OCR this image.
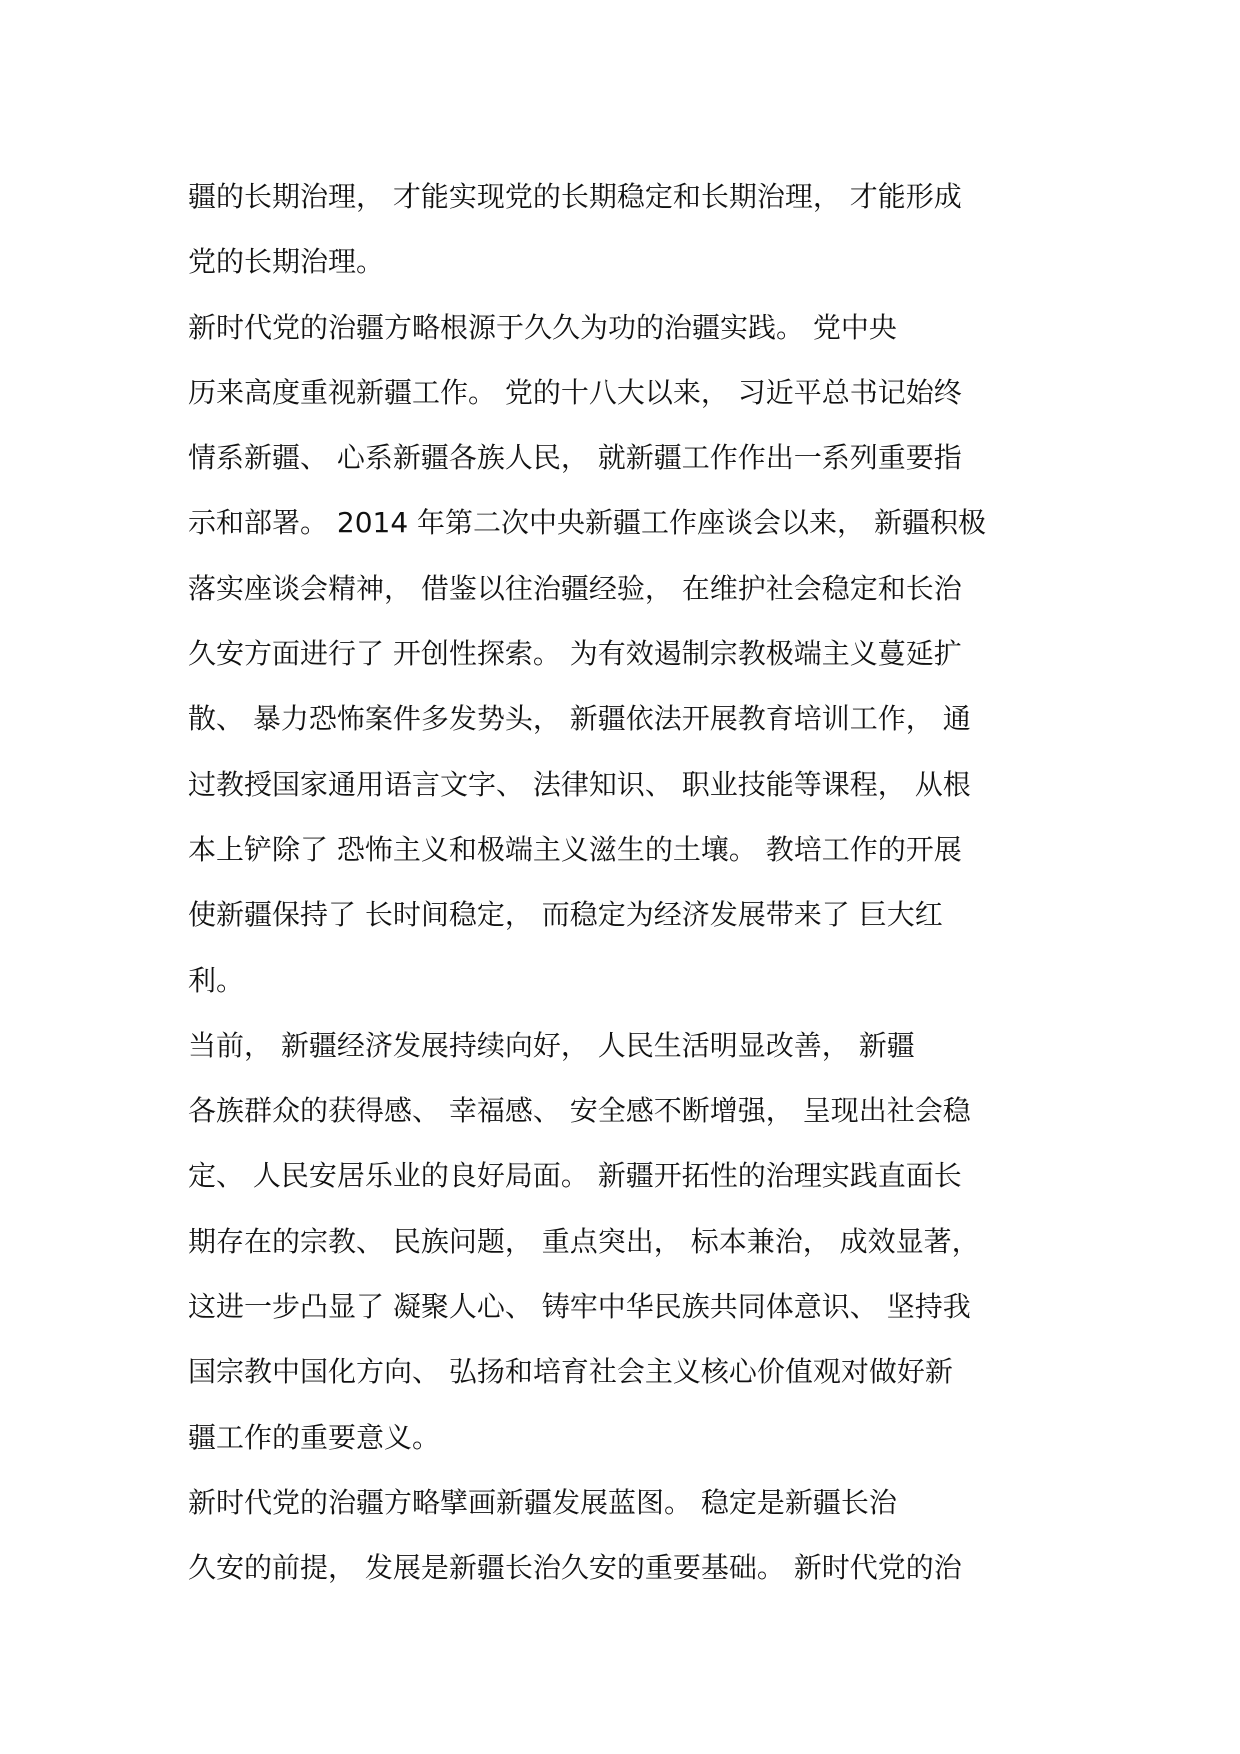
疆的长期治理， 才能实现党的长期稳定和长期治理， 才能形成
党的长期治理。
新时代党的治疆方略根源于久久为功的治疆实践。 党中央
历来高度重视新疆工作。 党的十八大以来， 习近平总书记始终
情系新疆、 心系新疆各族人民， 就新疆工作作出一系列重要指
示和部署。 2014 年第二次中央新疆工作座谈会以来， 新疆积极
落实座谈会精神， 借鉴以往治疆经验， 在维护社会稳定和长治
久安方面进行了 开创性探索。 为有效遏制宗教极端主义蔓延扩
散、 暴力恐怖案件多发势头， 新疆依法开展教育培训工作， 通
过教授国家通用语言文字、 法律知识、 职业技能等课程， 从根
本上铲除了 恐怖主义和极端主义滋生的土壤。 教培工作的开展
使新疆保持了 长时间稳定， 而稳定为经济发展带来了 巨大红
利。
当前， 新疆经济发展持续向好， 人民生活明显改善， 新疆
各族群众的获得感、 幸福感、 安全感不断增强， 呈现出社会稳
定、 人民安居乐业的良好局面。 新疆开拓性的治理实践直面长
期存在的宗教、 民族问题， 重点突出， 标本兼治， 成效显著，
这进一步凸显了 凝聚人心、 铸牢中华民族共同体意识、 坚持我
国宗教中国化方向、 弘扬和培育社会主义核心价值观对做好新
疆工作的重要意义。
新时代党的治疆方略擘画新疆发展蓝图。 稳定是新疆长治
久安的前提， 发展是新疆长治久安的重要基础。 新时代党的治
